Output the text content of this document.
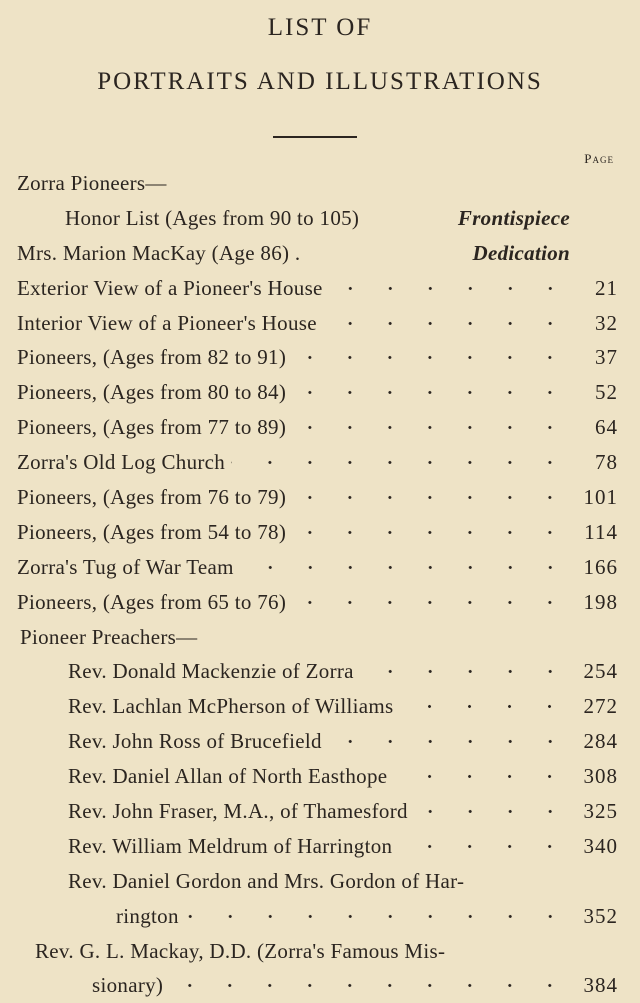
LIST OF
PORTRAITS AND ILLUSTRATIONS
Page
Zorra Pioneers—
Honor List (Ages from 90 to 105)	Frontispiece
Mrs. Marion MacKay (Age 86) .	Dedication
Exterior View of a Pioneer's House	21
Interior View of a Pioneer's House	32
Pioneers, (Ages from 82 to 91)	37
Pioneers, (Ages from 80 to 84)	52
Pioneers, (Ages from 77 to 89)	64
Zorra's Old Log Church	78
Pioneers, (Ages from 76 to 79)	101
Pioneers, (Ages from 54 to 78)	114
Zorra's Tug of War Team	166
Pioneers, (Ages from 65 to 76)	198
Pioneer Preachers—
Rev. Donald Mackenzie of Zorra	254
Rev. Lachlan McPherson of Williams	272
Rev. John Ross of Brucefield	284
Rev. Daniel Allan of North Easthope	308
Rev. John Fraser, M.A., of Thamesford	325
Rev. William Meldrum of Harrington	340
Rev. Daniel Gordon and Mrs. Gordon of Har-
rington	352
Rev. G. L. Mackay, D.D. (Zorra's Famous Mis-
sionary)	384
